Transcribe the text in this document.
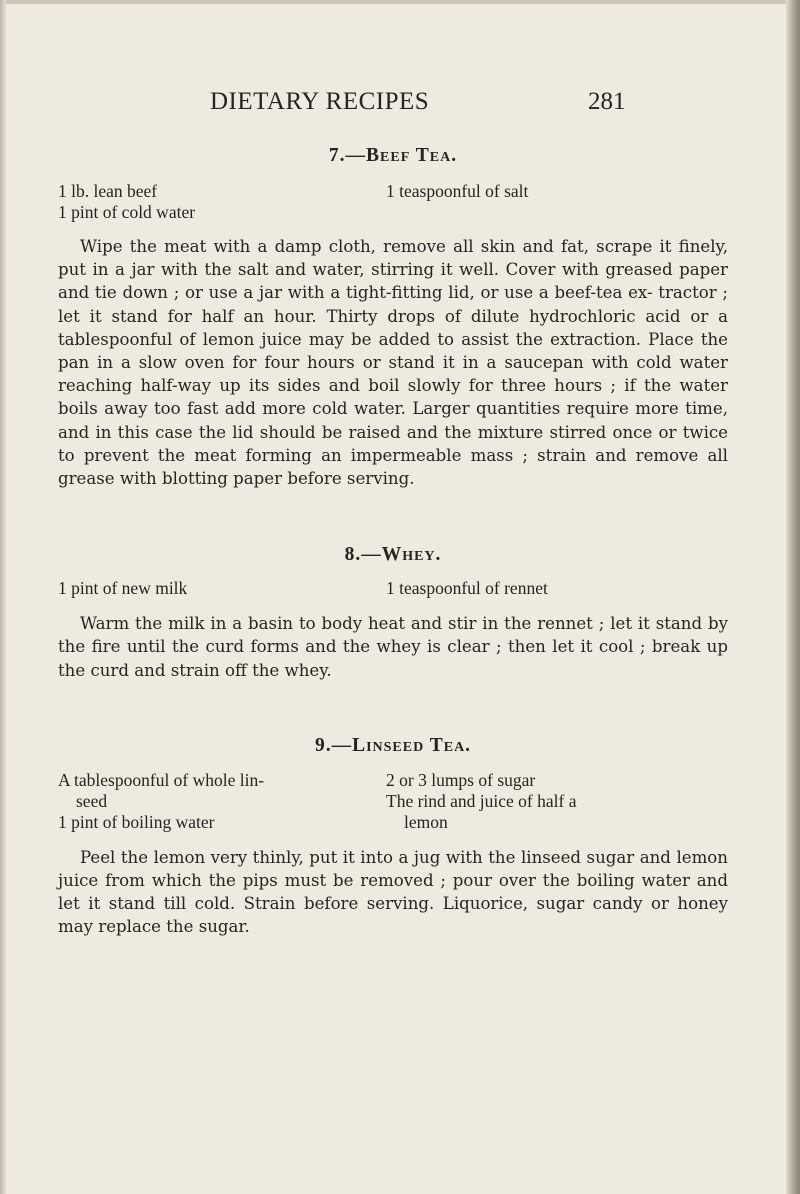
DIETARY RECIPES	281
7.—Beef Tea.
1 lb. lean beef
1 pint of cold water
1 teaspoonful of salt

Wipe the meat with a damp cloth, remove all skin and fat, scrape it finely, put in a jar with the salt and water, stirring it well. Cover with greased paper and tie down ; or use a jar with a tight-fitting lid, or use a beef-tea ex- tractor ; let it stand for half an hour. Thirty drops of dilute hydrochloric acid or a tablespoonful of lemon juice may be added to assist the extraction. Place the pan in a slow oven for four hours or stand it in a saucepan with cold water reaching half-way up its sides and boil slowly for three hours ; if the water boils away too fast add more cold water. Larger quantities require more time, and in this case the lid should be raised and the mixture stirred once or twice to prevent the meat forming an impermeable mass ; strain and remove all grease with blotting paper before serving.

8.—Whey.
1 pint of new milk	1 teaspoonful of rennet

Warm the milk in a basin to body heat and stir in the rennet ; let it stand by the fire until the curd forms and the whey is clear ; then let it cool ; break up the curd and strain off the whey.

9.—Linseed Tea.
A tablespoonful of whole lin-
seed
1 pint of boiling water
2 or 3 lumps of sugar
The rind and juice of half a
lemon

Peel the lemon very thinly, put it into a jug with the linseed sugar and lemon juice from which the pips must be removed ; pour over the boiling water and let it stand till cold. Strain before serving. Liquorice, sugar candy or honey may replace the sugar.
